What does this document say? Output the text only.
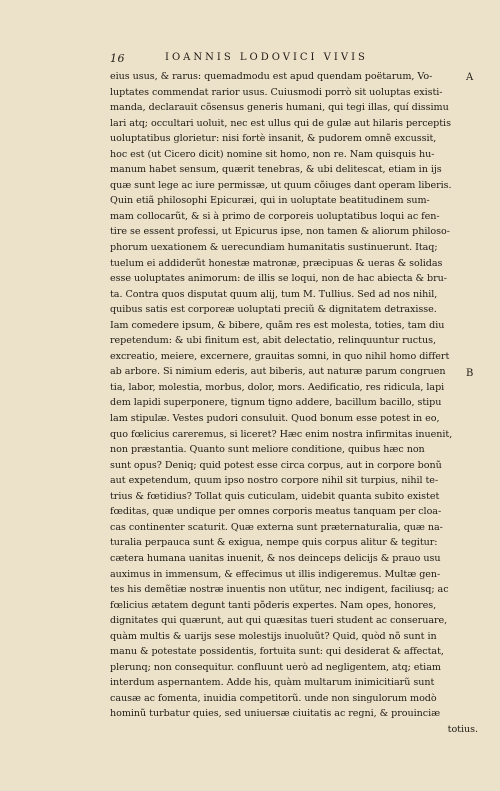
16	IOANNIS LODOVICI VIVIS
A
B
eius usus, & rarus: quemadmodu est apud quendam poëtarum, Vo-
luptates commendat rarior usus. Cuiusmodi porrò sit uoluptas existi-
manda, declarauit cõsensus generis humani, qui tegi illas, quí dissimu
lari atq; occultari uoluit, nec est ullus qui de gulæ aut hilaris perceptis
uoluptatibus glorietur: nisi fortè insanit, & pudorem omnẽ excussit,
hoc est (ut Cicero dicit) nomine sit homo, non re. Nam quisquis hu-
manum habet sensum, quærit tenebras, & ubi delitescat, etiam in ijs
quæ sunt lege ac iure permissæ, ut quum cõiuges dant operam liberis.
Quin etiã philosophi Epicuræi, qui in uoluptate beatitudinem sum-
mam collocarũt, & si à primo de corporeis uoluptatibus loqui ac fen-
tire se essent professi, ut Epicurus ipse, non tamen & aliorum philoso-
phorum uexationem & uerecundiam humanitatis sustinuerunt. Itaq;
tuelum ei addiderũt honestæ matronæ, præcipuas & ueras & solidas
esse uoluptates animorum: de illis se loqui, non de hac abiecta & bru-
ta. Contra quos disputat quum alij, tum M. Tullius. Sed ad nos nihil,
quibus satis est corporeæ uoluptati preciũ & dignitatem detraxisse.
Iam comedere ipsum, & bibere, quãm res est molesta, toties, tam diu
repetendum: & ubi finitum est, abit delectatio, relinquuntur ructus,
excreatio, meiere, excernere, grauitas somni, in quo nihil homo differt
ab arbore. Si nimium ederis, aut biberis, aut naturæ parum congruen
tia, labor, molestia, morbus, dolor, mors. Aedificatio, res ridicula, lapi
dem lapidi superponere, tignum tigno addere, bacillum bacillo, stipu
lam stipulæ. Vestes pudori consuluit. Quod bonum esse potest in eo,
quo fœlicius careremus, si liceret? Hæc enim nostra infirmitas inuenit,
non præstantia. Quanto sunt meliore conditione, quibus hæc non
sunt opus? Deniq; quid potest esse circa corpus, aut in corpore bonũ
aut expetendum, quum ipso nostro corpore nihil sit turpius, nihil te-
trius & fœtidius? Tollat quis cuticulam, uidebit quanta subito existet
fœditas, quæ undique per omnes corporis meatus tanquam per cloa-
cas continenter scaturit. Quæ externa sunt præternaturalia, quæ na-
turalia perpauca sunt & exigua, nempe quis corpus alitur & tegitur:
cætera humana uanitas inuenit, & nos deinceps delicijs & prauo usu
auximus in immensum, & effecimus ut illis indigeremus. Multæ gen-
tes his demẽtiæ nostræ inuentis non utũtur, nec indigent, faciliusq; ac
fœlicius ætatem degunt tanti põderis expertes. Nam opes, honores,
dignitates qui quærunt, aut qui quæsitas tueri student ac conseruare,
quàm multis & uarijs sese molestijs inuoluũt? Quid, quòd nõ sunt in
manu & potestate possidentis, fortuita sunt: qui desiderat & affectat,
plerunq; non consequitur. confluunt uerò ad negligentem, atq; etiam
interdum aspernantem. Adde his, quàm multarum inimicitiarũ sunt
causæ ac fomenta, inuidia competitorũ. unde non singulorum modò
hominũ turbatur quies, sed uniuersæ ciuitatis ac regni, & prouinciæ
totius.
